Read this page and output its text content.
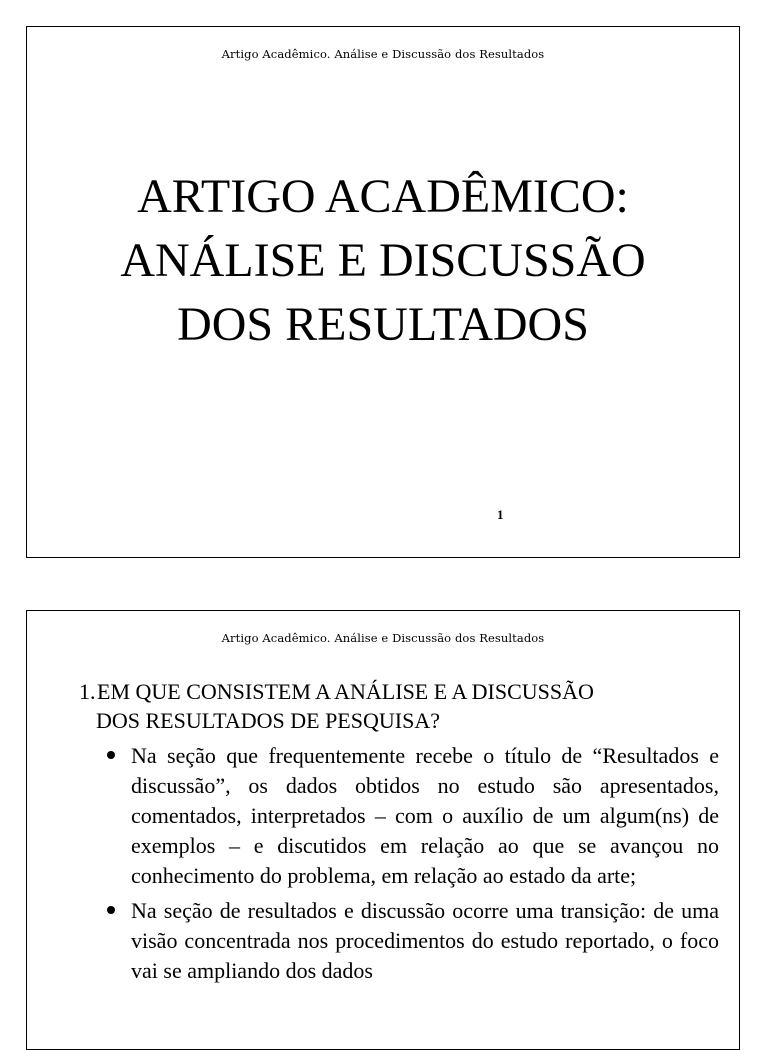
Artigo Acadêmico. Análise e Discussão dos Resultados
ARTIGO ACADÊMICO:
ANÁLISE E DISCUSSÃO
DOS RESULTADOS
1
Artigo Acadêmico. Análise e Discussão dos Resultados
1.EM QUE CONSISTEM A ANÁLISE E A DISCUSSÃO
DOS RESULTADOS DE PESQUISA?
Na seção que frequentemente recebe o título de “Resultados e discussão”, os dados obtidos no estudo são apresentados, comentados, interpretados – com o auxílio de um algum(ns) de exemplos – e discutidos em relação ao que se avançou no conhecimento do problema, em relação ao estado da arte;
Na seção de resultados e discussão ocorre uma transição: de uma visão concentrada nos procedimentos do estudo reportado, o foco vai se ampliando dos dados
